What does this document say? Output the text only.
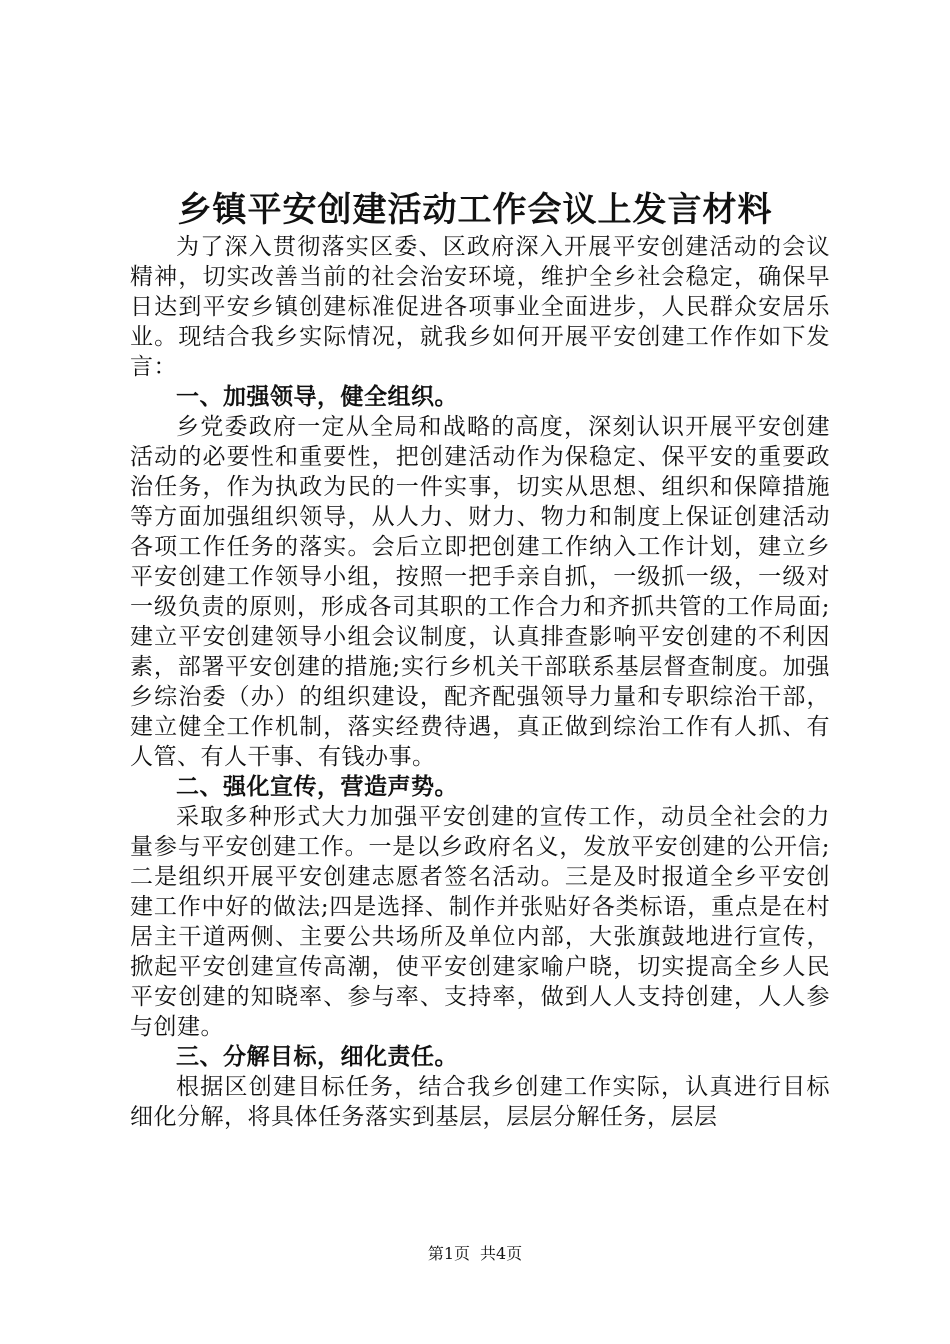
乡镇平安创建活动工作会议上发言材料

为了深入贯彻落实区委、区政府深入开展平安创建活动的会议精神，切实改善当前的社会治安环境，维护全乡社会稳定，确保早日达到平安乡镇创建标准促进各项事业全面进步，人民群众安居乐业。现结合我乡实际情况，就我乡如何开展平安创建工作作如下发言：

一、加强领导，健全组织。

乡党委政府一定从全局和战略的高度，深刻认识开展平安创建活动的必要性和重要性，把创建活动作为保稳定、保平安的重要政治任务，作为执政为民的一件实事，切实从思想、组织和保障措施等方面加强组织领导，从人力、财力、物力和制度上保证创建活动各项工作任务的落实。会后立即把创建工作纳入工作计划，建立乡平安创建工作领导小组，按照一把手亲自抓，一级抓一级，一级对一级负责的原则，形成各司其职的工作合力和齐抓共管的工作局面;建立平安创建领导小组会议制度，认真排查影响平安创建的不利因素，部署平安创建的措施;实行乡机关干部联系基层督查制度。加强乡综治委（办）的组织建设，配齐配强领导力量和专职综治干部，建立健全工作机制，落实经费待遇，真正做到综治工作有人抓、有人管、有人干事、有钱办事。

二、强化宣传，营造声势。

采取多种形式大力加强平安创建的宣传工作，动员全社会的力量参与平安创建工作。一是以乡政府名义，发放平安创建的公开信;二是组织开展平安创建志愿者签名活动。三是及时报道全乡平安创建工作中好的做法;四是选择、制作并张贴好各类标语，重点是在村居主干道两侧、主要公共场所及单位内部，大张旗鼓地进行宣传，掀起平安创建宣传高潮，使平安创建家喻户晓，切实提高全乡人民平安创建的知晓率、参与率、支持率，做到人人支持创建，人人参与创建。

三、分解目标，细化责任。

根据区创建目标任务，结合我乡创建工作实际，认真进行目标细化分解，将具体任务落实到基层，层层分解任务，层层

第1页 共4页
